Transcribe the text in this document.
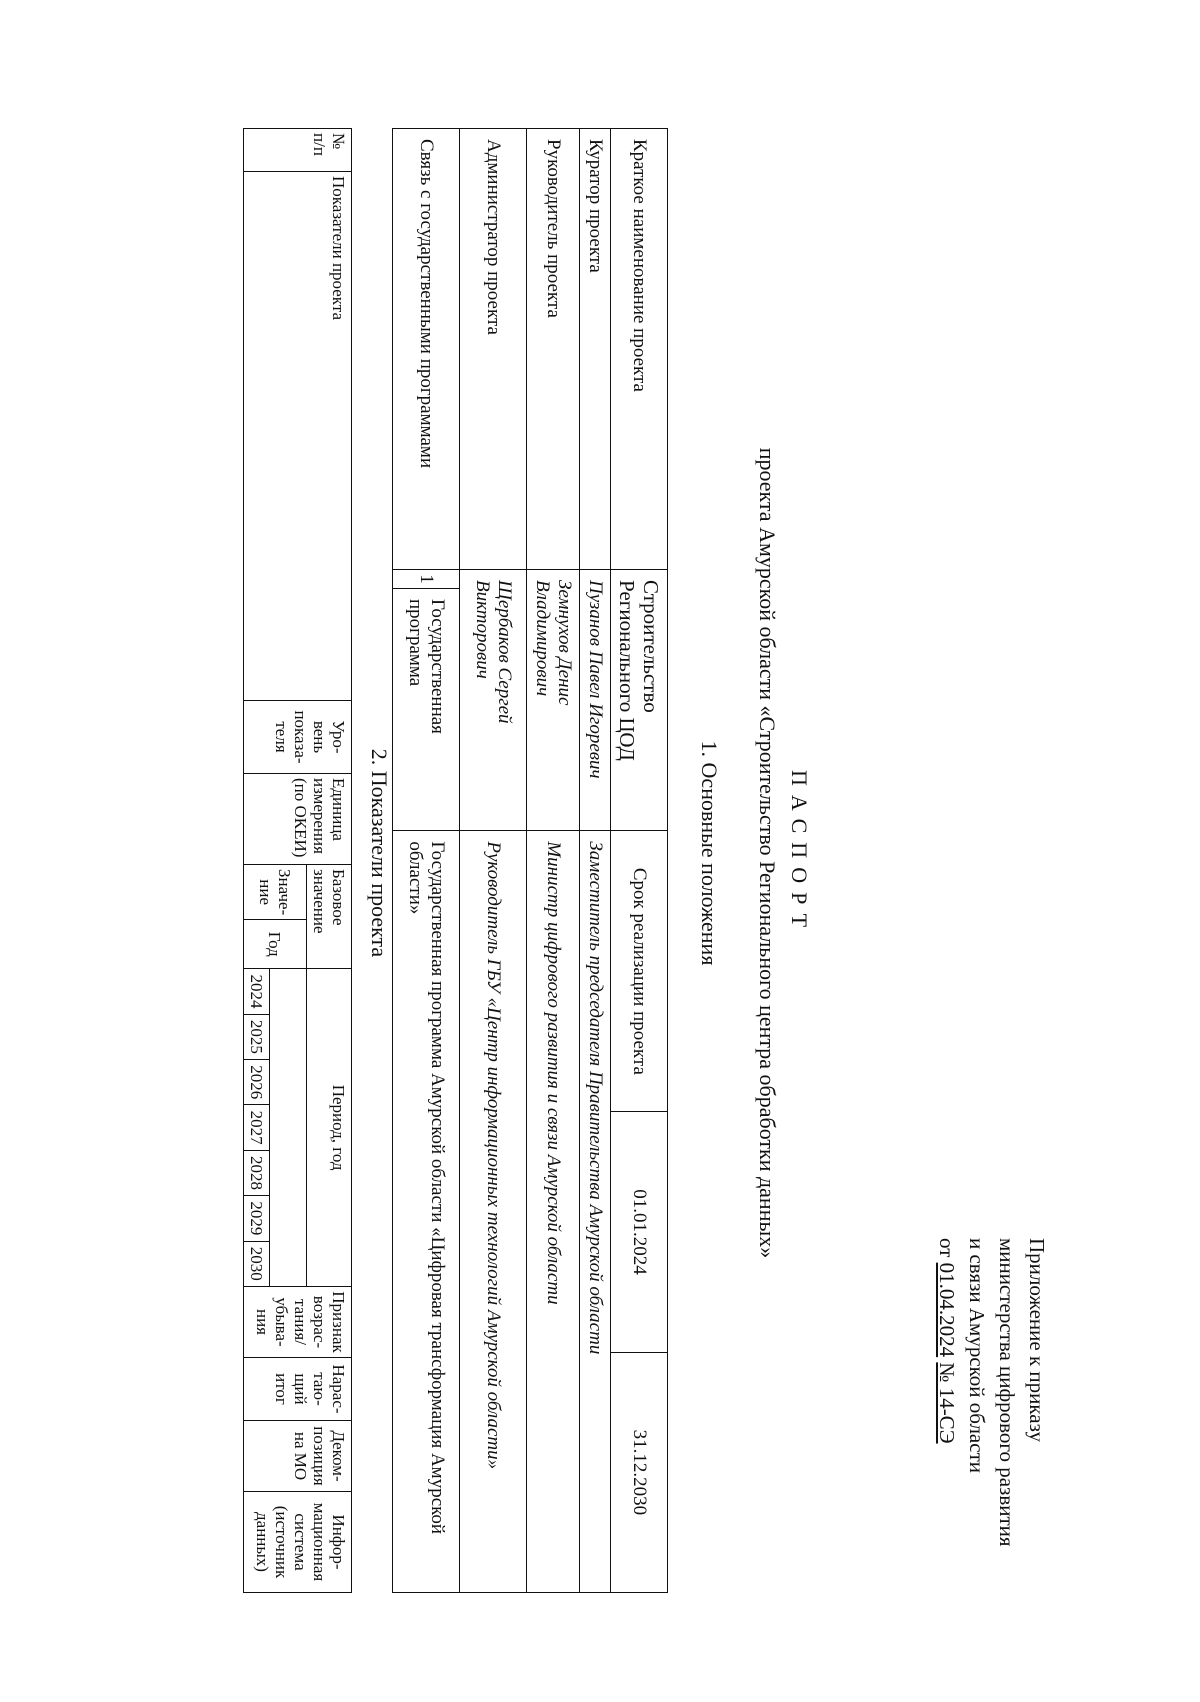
Приложение к приказу
министерства цифрового развития
и связи Амурской области
от 01.04.2024 № 14-СЭ
ПАСПОРТ
проекта Амурской области «Строительство Регионального центра обработки данных»
1. Основные положения
Краткое наименование проекта	Строительство Регионального ЦОД		Срок реализации проекта	01.01.2024	31.12.2030
Куратор проекта	Пузанов Павел Игоревич		Заместитель председателя Правительства Амурской области		
Руководитель проекта	Земнухов Денис Владимирович		Министр цифрового развития и связи Амурской области		
Администратор проекта	Щербаков Сергей Викторович		Руководитель ГБУ «Центр информационных технологий Амурской области»		
Связь с государственными программами	1	Государственная программа	Государственная программа Амурской области «Цифровая трансформация Амурской области»		
2. Показатели проекта
№ п/п	Показатели проекта	Уро-вень показа-теля	Единица измерения (по ОКЕИ)	Базовое значение		Период, год							Признак возрас-тания/ убыва-ния	Нарас-таю-щий итог	Деком-позиция на МО	Инфор-мационная система (источник данных)
				Значе-ние	Год											
						2024	2025	2026	2027	2028	2029	2030				
